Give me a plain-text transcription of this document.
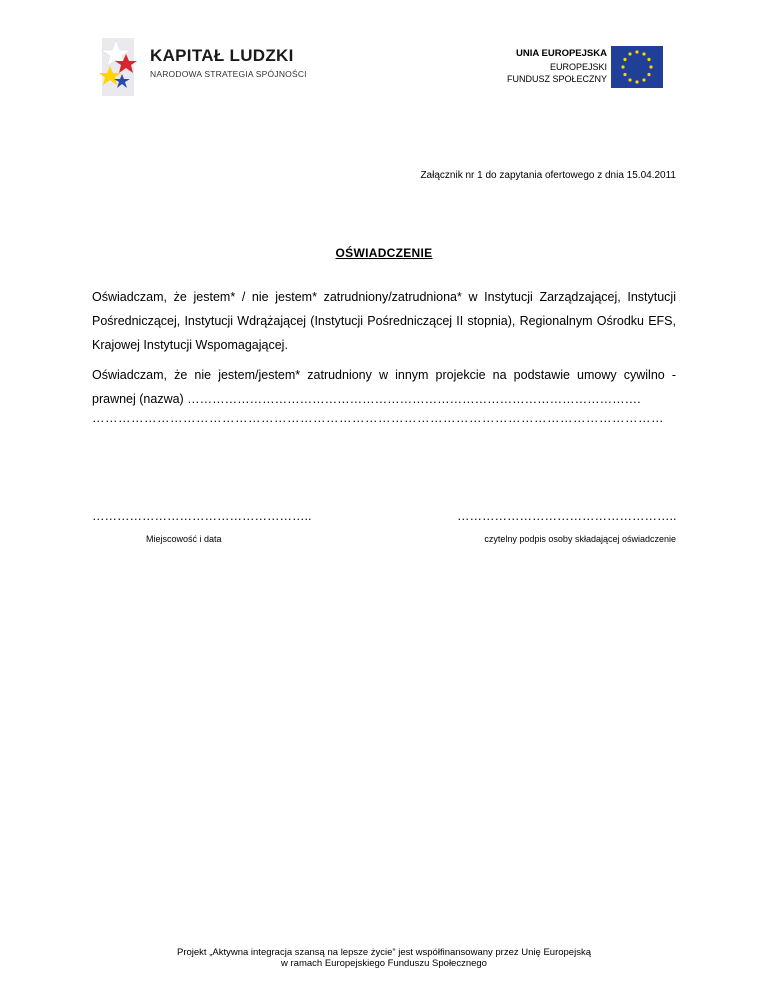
KAPITAŁ LUDZKI
NARODOWA STRATEGIA SPÓJNOŚCI
UNIA EUROPEJSKA
EUROPEJSKI
FUNDUSZ SPOŁECZNY
Załącznik nr 1 do zapytania ofertowego z dnia 15.04.2011
OŚWIADCZENIE
Oświadczam, że jestem* / nie jestem* zatrudniony/zatrudniona* w Instytucji Zarządzającej, Instytucji Pośredniczącej, Instytucji Wdrążającej (Instytucji Pośredniczącej II stopnia), Regionalnym Ośrodku EFS, Krajowej Instytucji Wspomagającej.
Oświadczam, że nie jestem/jestem* zatrudniony w innym projekcie na podstawie umowy cywilno - prawnej (nazwa) ……………………………………………………………………………………………….
……………………………………………………………………………………………………………………
……………………………………………..	……………………………………………..
Miejscowość i data	czytelny podpis osoby składającej oświadczenie
Projekt „Aktywna integracja szansą na lepsze życie” jest współfinansowany przez Unię Europejską
w ramach Europejskiego Funduszu Społecznego
